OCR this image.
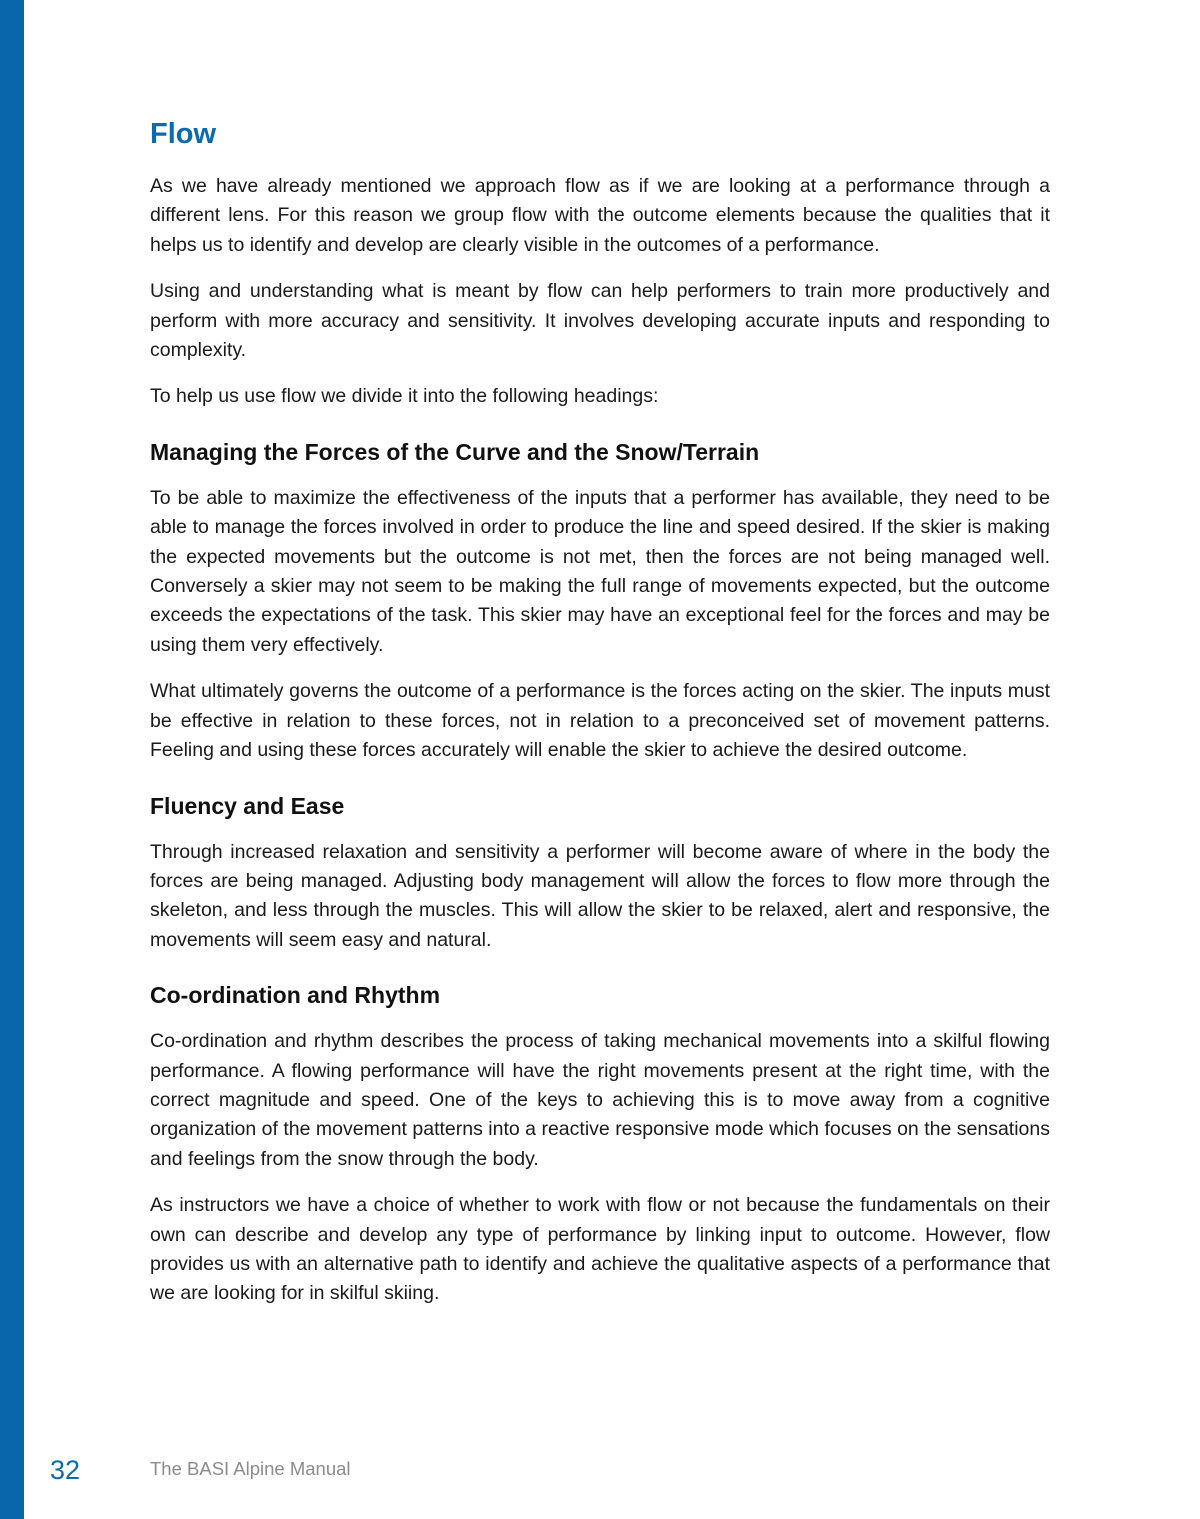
Flow

As we have already mentioned we approach flow as if we are looking at a performance through a different lens. For this reason we group flow with the outcome elements because the qualities that it helps us to identify and develop are clearly visible in the outcomes of a performance.

Using and understanding what is meant by flow can help performers to train more productively and perform with more accuracy and sensitivity. It involves developing accurate inputs and responding to complexity.

To help us use flow we divide it into the following headings:

Managing the Forces of the Curve and the Snow/Terrain

To be able to maximize the effectiveness of the inputs that a performer has available, they need to be able to manage the forces involved in order to produce the line and speed desired. If the skier is making the expected movements but the outcome is not met, then the forces are not being managed well. Conversely a skier may not seem to be making the full range of movements expected, but the outcome exceeds the expectations of the task. This skier may have an exceptional feel for the forces and may be using them very effectively.

What ultimately governs the outcome of a performance is the forces acting on the skier. The inputs must be effective in relation to these forces, not in relation to a preconceived set of movement patterns. Feeling and using these forces accurately will enable the skier to achieve the desired outcome.

Fluency and Ease

Through increased relaxation and sensitivity a performer will become aware of where in the body the forces are being managed. Adjusting body management will allow the forces to flow more through the skeleton, and less through the muscles. This will allow the skier to be relaxed, alert and responsive, the movements will seem easy and natural.

Co-ordination and Rhythm

Co-ordination and rhythm describes the process of taking mechanical movements into a skilful flowing performance. A flowing performance will have the right movements present at the right time, with the correct magnitude and speed. One of the keys to achieving this is to move away from a cognitive organization of the movement patterns into a reactive responsive mode which focuses on the sensations and feelings from the snow through the body.

As instructors we have a choice of whether to work with flow or not because the fundamentals on their own can describe and develop any type of performance by linking input to outcome. However, flow provides us with an alternative path to identify and achieve the qualitative aspects of a performance that we are looking for in skilful skiing.

32	The BASI Alpine Manual
